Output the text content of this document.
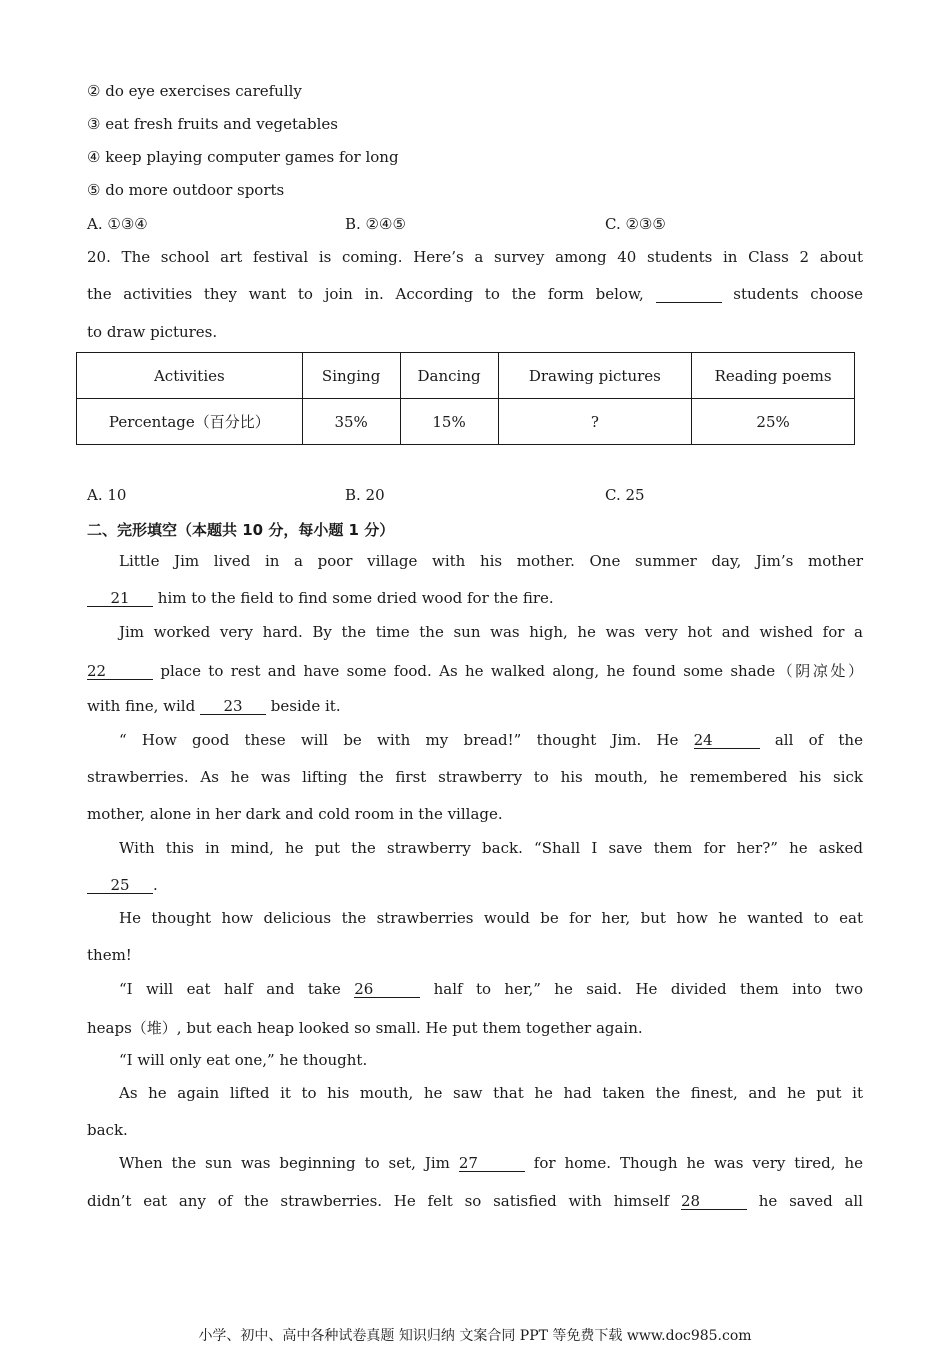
② do eye exercises carefully
③ eat fresh fruits and vegetables
④ keep playing computer games for long
⑤ do more outdoor sports
A. ①③④	B. ②④⑤	C. ②③⑤
20. The school art festival is coming. Here’s a survey among 40 students in Class 2 about
the activities they want to join in. According to the form below,	students choose
to draw pictures.
Activities	Singing	Dancing	Drawing pictures	Reading poems
Percentage（百分比）	35%	15%	?	25%
A. 10	B. 20	C. 25
二、完形填空（本题共 10 分，每小题 1 分）
Little Jim lived in a poor village with his mother. One summer day, Jim’s mother
21 him to the field to find some dried wood for the fire.
Jim worked very hard. By the time the sun was high, he was very hot and wished for a
22	place to rest and have some food. As he walked along, he found some shade（阴凉处）
with fine, wild 23 beside it.
“ How good these will be with my bread!” thought Jim. He 24	all of the
strawberries. As he was lifting the first strawberry to his mouth, he remembered his sick
mother, alone in her dark and cold room in the village.
With this in mind, he put the strawberry back. “Shall I save them for her?” he asked
25 .
He thought how delicious the strawberries would be for her, but how he wanted to eat
them!
“I will eat half and take 26	half to her,” he said. He divided them into two
heaps（堆）, but each heap looked so small. He put them together again.
“I will only eat one,” he thought.
As he again lifted it to his mouth, he saw that he had taken the finest, and he put it
back.
When the sun was beginning to set, Jim 27	for home. Though he was very tired, he
didn’t eat any of the strawberries. He felt so satisfied with himself 28	he saved all
小学、初中、高中各种试卷真题 知识归纳 文案合同 PPT 等免费下载 www.doc985.com
